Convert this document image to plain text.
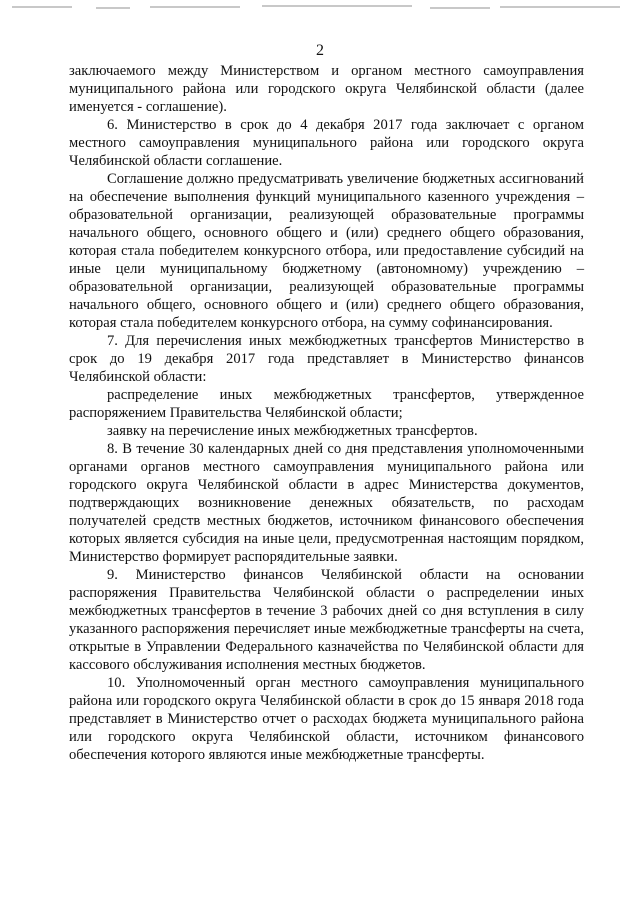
2

заключаемого между Министерством и органом местного самоуправления муниципального района или городского округа Челябинской области (далее именуется - соглашение).

6. Министерство в срок до 4 декабря 2017 года заключает с органом местного самоуправления муниципального района или городского округа Челябинской области соглашение.

Соглашение должно предусматривать увеличение бюджетных ассигнований на обеспечение выполнения функций муниципального казенного учреждения – образовательной организации, реализующей образовательные программы начального общего, основного общего и (или) среднего общего образования, которая стала победителем конкурсного отбора, или предоставление субсидий на иные цели муниципальному бюджетному (автономному) учреждению – образовательной организации, реализующей образовательные программы начального общего, основного общего и (или) среднего общего образования, которая стала победителем конкурсного отбора, на сумму софинансирования.

7. Для перечисления иных межбюджетных трансфертов Министерство в срок до 19 декабря 2017 года представляет в Министерство финансов Челябинской области:

распределение иных межбюджетных трансфертов, утвержденное распоряжением Правительства Челябинской области;

заявку на перечисление иных межбюджетных трансфертов.

8. В течение 30 календарных дней со дня представления уполномоченными органами органов местного самоуправления муниципального района или городского округа Челябинской области в адрес Министерства документов, подтверждающих возникновение денежных обязательств, по расходам получателей средств местных бюджетов, источником финансового обеспечения которых является субсидия на иные цели, предусмотренная настоящим порядком, Министерство формирует распорядительные заявки.

9. Министерство финансов Челябинской области на основании распоряжения Правительства Челябинской области о распределении иных межбюджетных трансфертов в течение 3 рабочих дней со дня вступления в силу указанного распоряжения перечисляет иные межбюджетные трансферты на счета, открытые в Управлении Федерального казначейства по Челябинской области для кассового обслуживания исполнения местных бюджетов.

10. Уполномоченный орган местного самоуправления муниципального района или городского округа Челябинской области в срок до 15 января 2018 года представляет в Министерство отчет о расходах бюджета муниципального района или городского округа Челябинской области, источником финансового обеспечения которого являются иные межбюджетные трансферты.
